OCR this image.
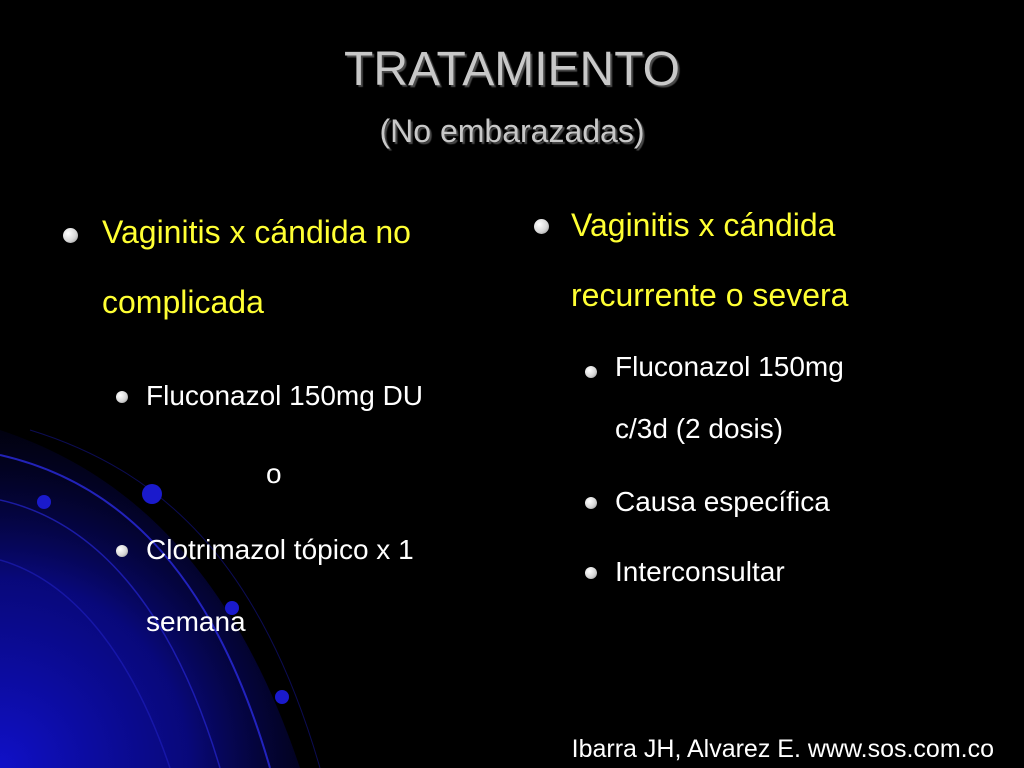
TRATAMIENTO
(No embarazadas)
Vaginitis x cándida no
complicada
Fluconazol 150mg DU
o
Clotrimazol tópico x 1
semana
Vaginitis x cándida
recurrente o severa
Fluconazol 150mg
c/3d (2 dosis)
Causa específica
Interconsultar
Ibarra JH, Alvarez E. www.sos.com.co
